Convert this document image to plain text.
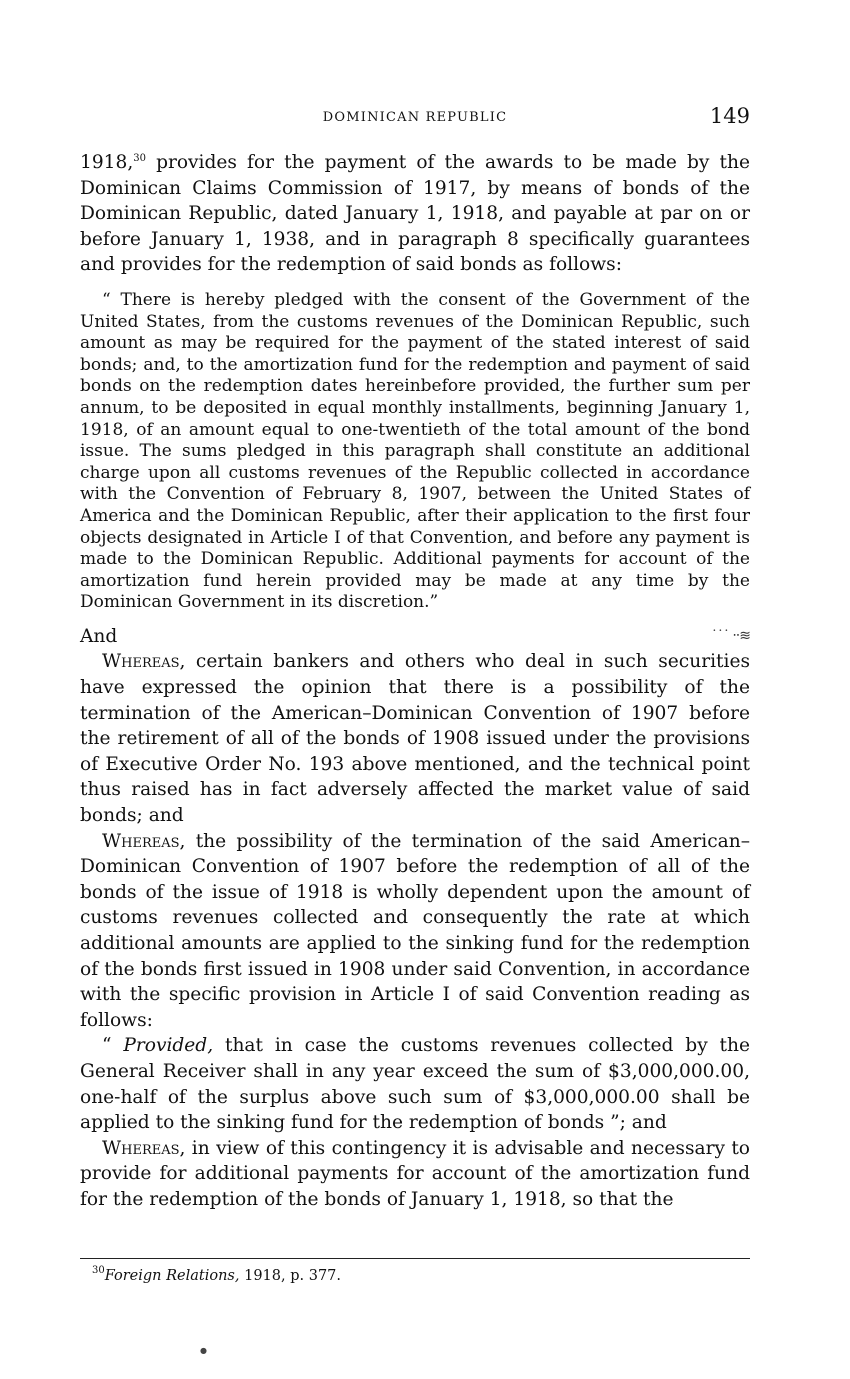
DOMINICAN REPUBLIC	149

1918,30 provides for the payment of the awards to be made by the Dominican Claims Commission of 1917, by means of bonds of the Dominican Republic, dated January 1, 1918, and payable at par on or before January 1, 1938, and in paragraph 8 specifically guarantees and provides for the redemption of said bonds as follows:

“ There is hereby pledged with the consent of the Government of the United States, from the customs revenues of the Dominican Republic, such amount as may be required for the payment of the stated interest of said bonds; and, to the amortization fund for the redemption and payment of said bonds on the redemption dates hereinbefore provided, the further sum per annum, to be deposited in equal monthly installments, beginning January 1, 1918, of an amount equal to one-twentieth of the total amount of the bond issue. The sums pledged in this paragraph shall constitute an additional charge upon all customs revenues of the Republic collected in accordance with the Convention of February 8, 1907, between the United States of America and the Dominican Republic, after their application to the first four objects designated in Article I of that Convention, and before any payment is made to the Dominican Republic. Additional payments for account of the amortization fund herein provided may be made at any time by the Dominican Government in its discretion.”

And	˙˙˙ ‧‧≋

Whereas, certain bankers and others who deal in such securities have expressed the opinion that there is a possibility of the termination of the American–Dominican Convention of 1907 before the retirement of all of the bonds of 1908 issued under the provisions of Executive Order No. 193 above mentioned, and the technical point thus raised has in fact adversely affected the market value of said bonds; and

Whereas, the possibility of the termination of the said American–Dominican Convention of 1907 before the redemption of all of the bonds of the issue of 1918 is wholly dependent upon the amount of customs revenues collected and consequently the rate at which additional amounts are applied to the sinking fund for the redemption of the bonds first issued in 1908 under said Convention, in accordance with the specific provision in Article I of said Convention reading as follows:

“ Provided, that in case the customs revenues collected by the General Receiver shall in any year exceed the sum of $3,000,000.00, one-half of the surplus above such sum of $3,000,000.00 shall be applied to the sinking fund for the redemption of bonds ”; and

Whereas, in view of this contingency it is advisable and necessary to provide for additional payments for account of the amortization fund for the redemption of the bonds of January 1, 1918, so that the

$^{30}$Foreign Relations, 1918, p. 377.
●
